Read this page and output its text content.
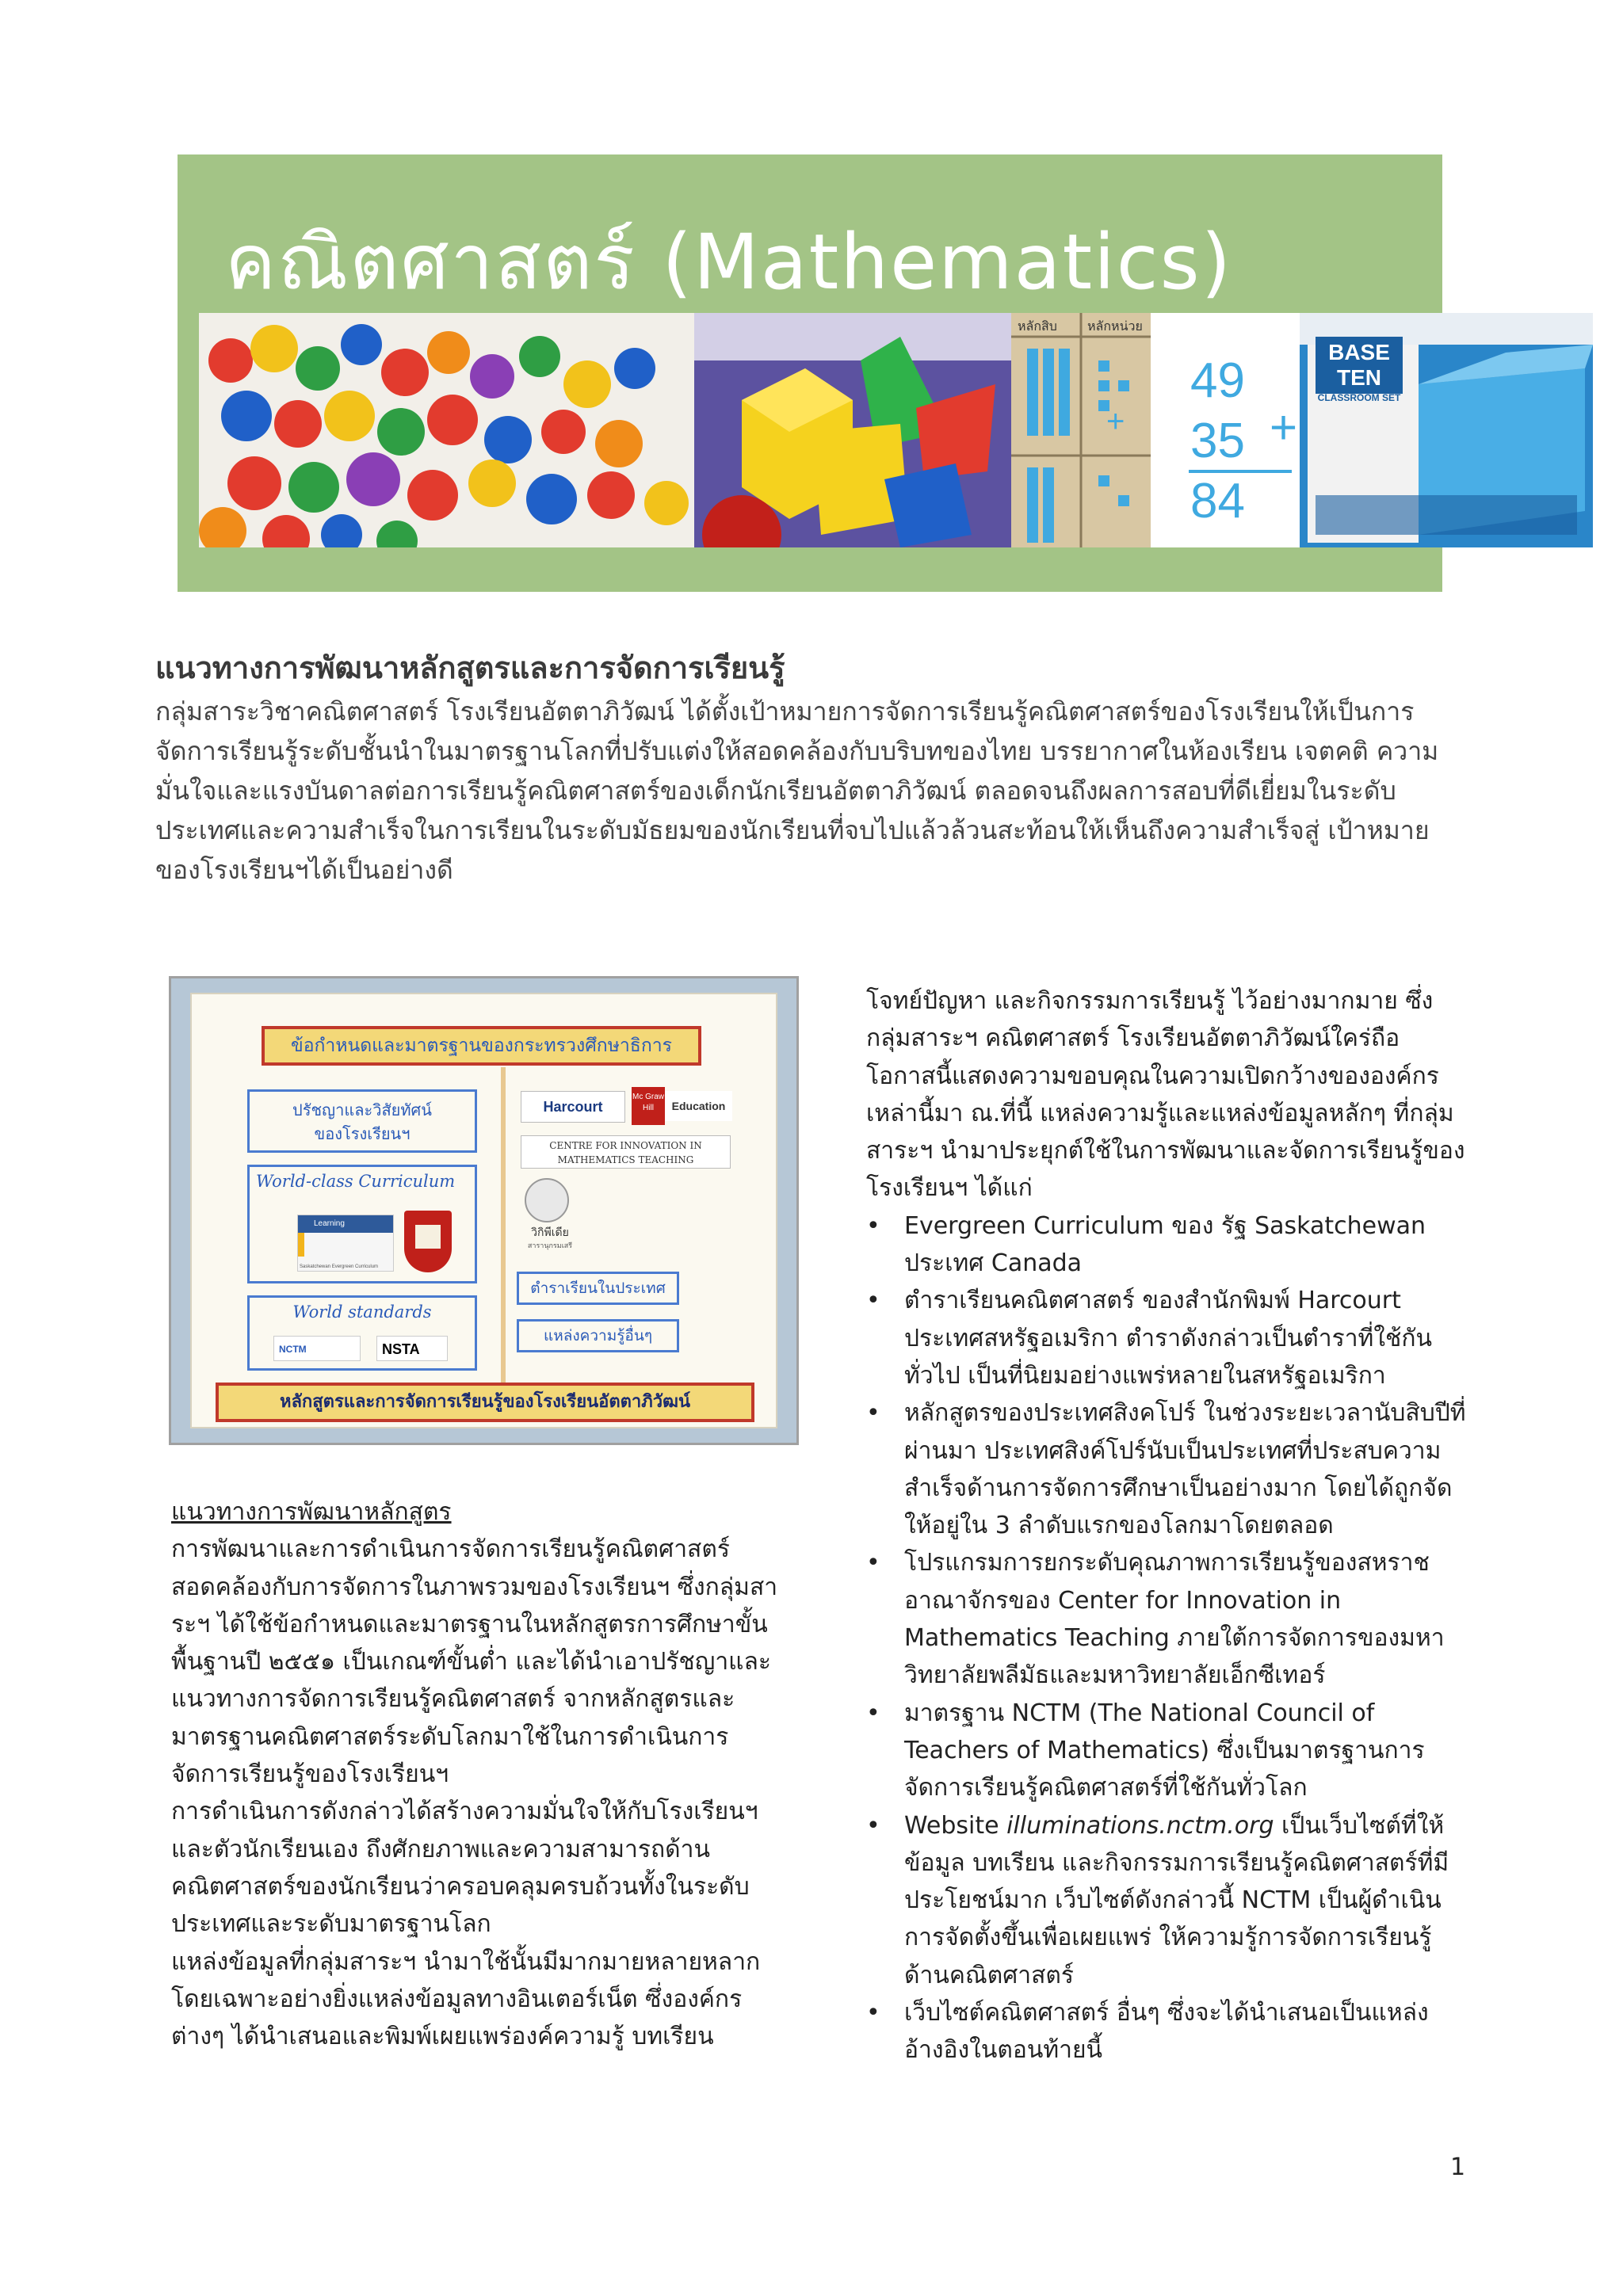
คณิตศาสตร์ (Mathematics)
หลักสิบ หลักหน่วย
+
49
35
84
+
BASE TEN
CLASSROOM SET
แนวทางการพัฒนาหลักสูตรและการจัดการเรียนรู้
กลุ่มสาระวิชาคณิตศาสตร์ โรงเรียนอัตตาภิวัฒน์ ได้ตั้งเป้าหมายการจัดการเรียนรู้คณิตศาสตร์ของโรงเรียนให้เป็นการจัดการเรียนรู้ระดับชั้นนำในมาตรฐานโลกที่ปรับแต่งให้สอดคล้องกับบริบทของไทย บรรยากาศในห้องเรียน เจตคติ ความมั่นใจและแรงบันดาลต่อการเรียนรู้คณิตศาสตร์ของเด็กนักเรียนอัตตาภิวัฒน์ ตลอดจนถึงผลการสอบที่ดีเยี่ยมในระดับประเทศและความสำเร็จในการเรียนในระดับมัธยมของนักเรียนที่จบไปแล้วล้วนสะท้อนให้เห็นถึงความสำเร็จสู่ เป้าหมายของโรงเรียนฯได้เป็นอย่างดี
ข้อกำหนดและมาตรฐานของกระทรวงศึกษาธิการ
ปรัชญาและวิสัยทัศน์
ของโรงเรียนฯ
World-class Curriculum
Learning
Saskatchewan Evergreen Curriculum
World standards
NCTM	NSTA
Harcourt
Mc Graw Hill	Education
CENTRE FOR INNOVATION IN
MATHEMATICS TEACHING
วิกิพีเดีย
สารานุกรมเสรี
ตำราเรียนในประเทศ
แหล่งความรู้อื่นๆ
หลักสูตรและการจัดการเรียนรู้ของโรงเรียนอัตตาภิวัฒน์
แนวทางการพัฒนาหลักสูตร
การพัฒนาและการดำเนินการจัดการเรียนรู้คณิตศาสตร์สอดคล้องกับการจัดการในภาพรวมของโรงเรียนฯ ซึ่งกลุ่มสาระฯ ได้ใช้ข้อกำหนดและมาตรฐานในหลักสูตรการศึกษาขั้นพื้นฐานปี ๒๕๕๑ เป็นเกณฑ์ขั้นต่ำ และได้นำเอาปรัชญาและแนวทางการจัดการเรียนรู้คณิตศาสตร์ จากหลักสูตรและมาตรฐานคณิตศาสตร์ระดับโลกมาใช้ในการดำเนินการจัดการเรียนรู้ของโรงเรียนฯ
การดำเนินการดังกล่าวได้สร้างความมั่นใจให้กับโรงเรียนฯ และตัวนักเรียนเอง ถึงศักยภาพและความสามารถด้านคณิตศาสตร์ของนักเรียนว่าครอบคลุมครบถ้วนทั้งในระดับประเทศและระดับมาตรฐานโลก
แหล่งข้อมูลที่กลุ่มสาระฯ นำมาใช้นั้นมีมากมายหลายหลากโดยเฉพาะอย่างยิ่งแหล่งข้อมูลทางอินเตอร์เน็ต ซึ่งองค์กรต่างๆ ได้นำเสนอและพิมพ์เผยแพร่องค์ความรู้ บทเรียน
โจทย์ปัญหา และกิจกรรมการเรียนรู้ ไว้อย่างมากมาย ซึ่งกลุ่มสาระฯ คณิตศาสตร์ โรงเรียนอัตตาภิวัฒน์ใคร่ถือโอกาสนี้แสดงความขอบคุณในความเปิดกว้างขององค์กรเหล่านี้มา ณ.ที่นี้ แหล่งความรู้และแหล่งข้อมูลหลักๆ ที่กลุ่มสาระฯ นำมาประยุกต์ใช้ในการพัฒนาและจัดการเรียนรู้ของโรงเรียนฯ ได้แก่
• Evergreen Curriculum ของ รัฐ Saskatchewan ประเทศ Canada
• ตำราเรียนคณิตศาสตร์ ของสำนักพิมพ์ Harcourt ประเทศสหรัฐอเมริกา ตำราดังกล่าวเป็นตำราที่ใช้กันทั่วไป เป็นที่นิยมอย่างแพร่หลายในสหรัฐอเมริกา
• หลักสูตรของประเทศสิงคโปร์ ในช่วงระยะเวลานับสิบปีที่ผ่านมา ประเทศสิงค์โปร์นับเป็นประเทศที่ประสบความสำเร็จด้านการจัดการศึกษาเป็นอย่างมาก โดยได้ถูกจัดให้อยู่ใน 3 ลำดับแรกของโลกมาโดยตลอด
• โปรแกรมการยกระดับคุณภาพการเรียนรู้ของสหราชอาณาจักรของ Center for Innovation in Mathematics Teaching ภายใต้การจัดการของมหาวิทยาลัยพลีมัธและมหาวิทยาลัยเอ็กซีเทอร์
• มาตรฐาน NCTM (The National Council of Teachers of Mathematics) ซึ่งเป็นมาตรฐานการจัดการเรียนรู้คณิตศาสตร์ที่ใช้กันทั่วโลก
• Website illuminations.nctm.org เป็นเว็บไซต์ที่ให้ข้อมูล บทเรียน และกิจกรรมการเรียนรู้คณิตศาสตร์ที่มีประโยชน์มาก เว็บไซต์ดังกล่าวนี้ NCTM เป็นผู้ดำเนินการจัดตั้งขึ้นเพื่อเผยแพร่ ให้ความรู้การจัดการเรียนรู้ด้านคณิตศาสตร์
• เว็บไซต์คณิตศาสตร์ อื่นๆ ซึ่งจะได้นำเสนอเป็นแหล่งอ้างอิงในตอนท้ายนี้
1
